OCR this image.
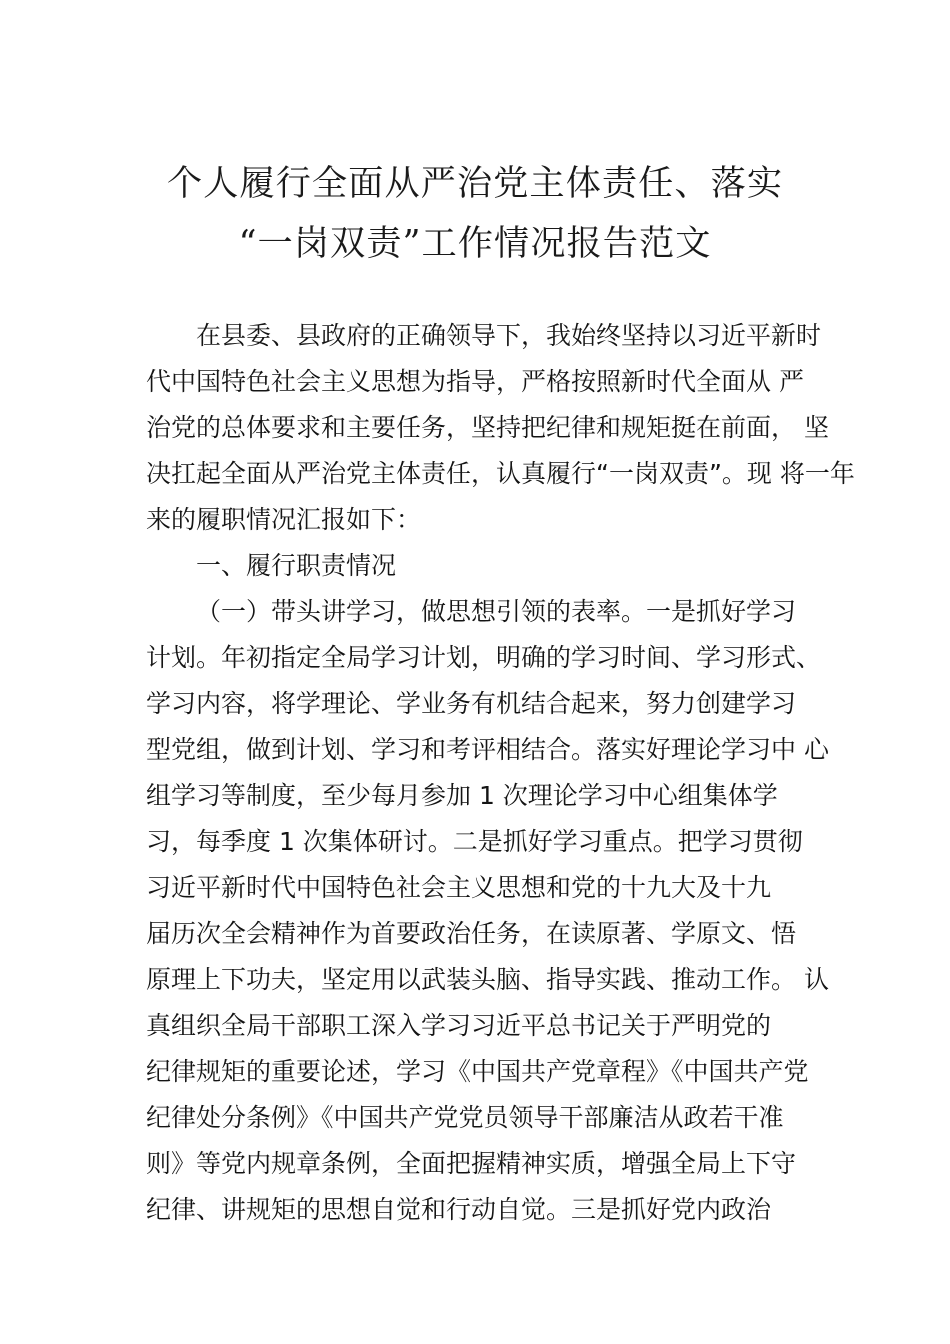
个人履行全面从严治党主体责任、落实
“一岗双责”工作情况报告范文
在县委、县政府的正确领导下，我始终坚持以习近平新时
代中国特色社会主义思想为指导，严格按照新时代全面从 严
治党的总体要求和主要任务，坚持把纪律和规矩挺在前面， 坚
决扛起全面从严治党主体责任，认真履行“一岗双责”。现 将一年
来的履职情况汇报如下：
一、履行职责情况
（一）带头讲学习，做思想引领的表率。一是抓好学习
计划。年初指定全局学习计划，明确的学习时间、学习形式、
学习内容，将学理论、学业务有机结合起来，努力创建学习
型党组，做到计划、学习和考评相结合。落实好理论学习中 心
组学习等制度，至少每月参加 1 次理论学习中心组集体学
习，每季度 1 次集体研讨。二是抓好学习重点。把学习贯彻
习近平新时代中国特色社会主义思想和党的十九大及十九
届历次全会精神作为首要政治任务，在读原著、学原文、悟
原理上下功夫，坚定用以武装头脑、指导实践、推动工作。 认
真组织全局干部职工深入学习习近平总书记关于严明党的
纪律规矩的重要论述，学习《中国共产党章程》《中国共产党
纪律处分条例》《中国共产党党员领导干部廉洁从政若干准
则》等党内规章条例，全面把握精神实质，增强全局上下守
纪律、讲规矩的思想自觉和行动自觉。三是抓好党内政治
